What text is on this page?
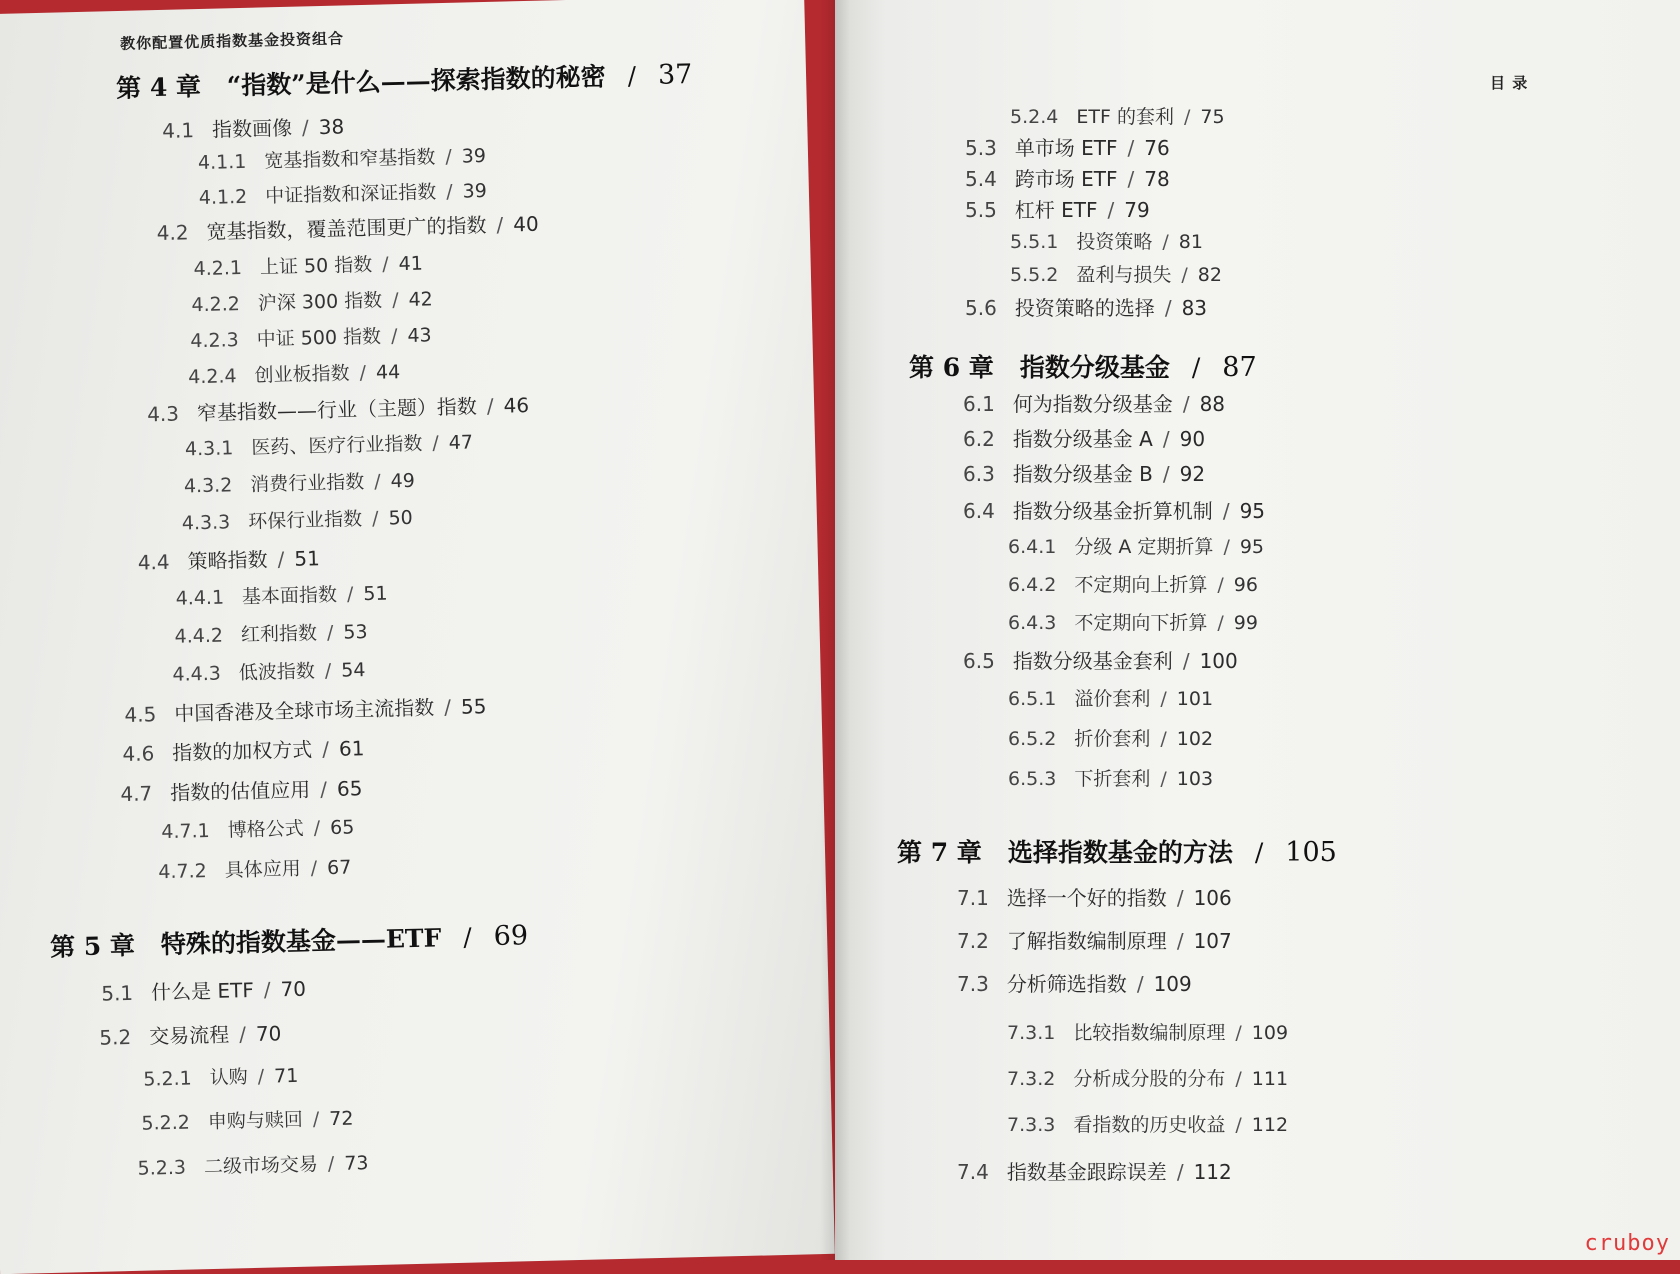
教你配置优质指数基金投资组合
第 4 章 “指数”是什么——探索指数的秘密 / 37
4.1 指数画像 / 38
4.1.1 宽基指数和窄基指数 / 39
4.1.2 中证指数和深证指数 / 39
4.2 宽基指数，覆盖范围更广的指数 / 40
4.2.1 上证 50 指数 / 41
4.2.2 沪深 300 指数 / 42
4.2.3 中证 500 指数 / 43
4.2.4 创业板指数 / 44
4.3 窄基指数——行业（主题）指数 / 46
4.3.1 医药、医疗行业指数 / 47
4.3.2 消费行业指数 / 49
4.3.3 环保行业指数 / 50
4.4 策略指数 / 51
4.4.1 基本面指数 / 51
4.4.2 红利指数 / 53
4.4.3 低波指数 / 54
4.5 中国香港及全球市场主流指数 / 55
4.6 指数的加权方式 / 61
4.7 指数的估值应用 / 65
4.7.1 博格公式 / 65
4.7.2 具体应用 / 67
第 5 章 特殊的指数基金——ETF / 69
5.1 什么是 ETF / 70
5.2 交易流程 / 70
5.2.1 认购 / 71
5.2.2 申购与赎回 / 72
5.2.3 二级市场交易 / 73
目 录
5.2.4 ETF 的套利 / 75
5.3 单市场 ETF / 76
5.4 跨市场 ETF / 78
5.5 杠杆 ETF / 79
5.5.1 投资策略 / 81
5.5.2 盈利与损失 / 82
5.6 投资策略的选择 / 83
第 6 章 指数分级基金 / 87
6.1 何为指数分级基金 / 88
6.2 指数分级基金 A / 90
6.3 指数分级基金 B / 92
6.4 指数分级基金折算机制 / 95
6.4.1 分级 A 定期折算 / 95
6.4.2 不定期向上折算 / 96
6.4.3 不定期向下折算 / 99
6.5 指数分级基金套利 / 100
6.5.1 溢价套利 / 101
6.5.2 折价套利 / 102
6.5.3 下折套利 / 103
第 7 章 选择指数基金的方法 / 105
7.1 选择一个好的指数 / 106
7.2 了解指数编制原理 / 107
7.3 分析筛选指数 / 109
7.3.1 比较指数编制原理 / 109
7.3.2 分析成分股的分布 / 111
7.3.3 看指数的历史收益 / 112
7.4 指数基金跟踪误差 / 112
cruboy
